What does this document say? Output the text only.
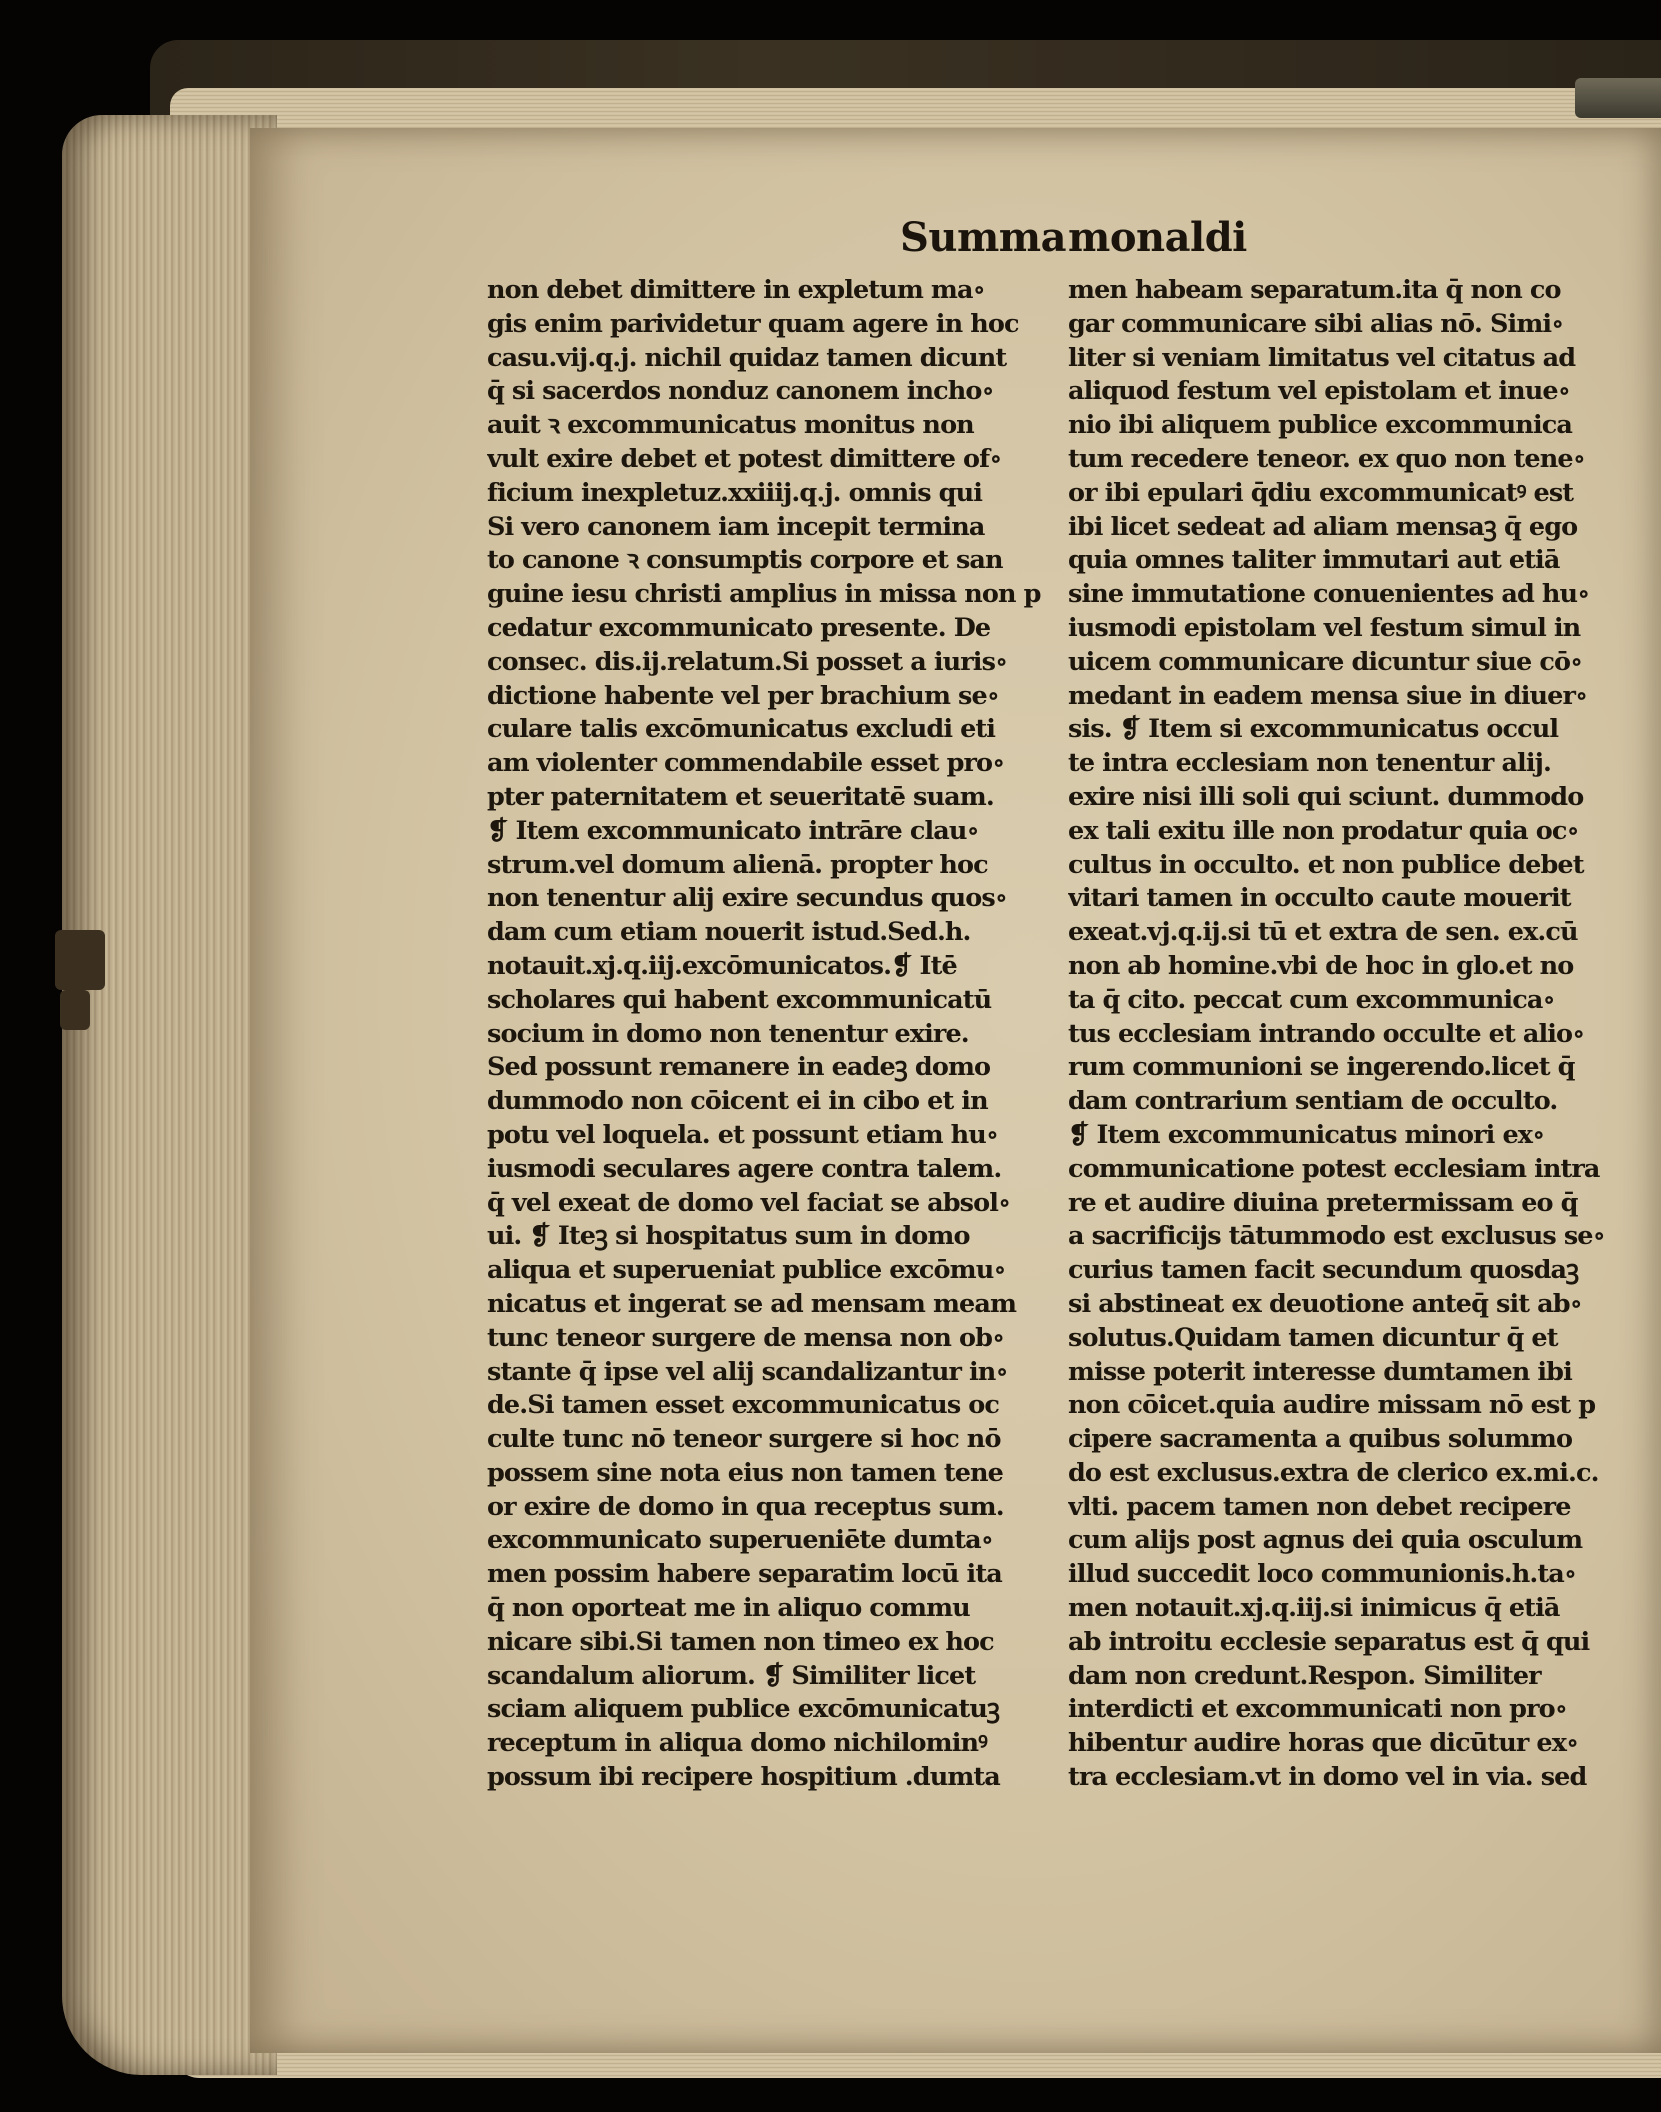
Summa monaldi
non debet dimittere in expletum ma∘
gis enim parividetur quam agere in hoc
casu.vij.q.j. nichil quidaz tamen dicunt
q̄ si sacerdos nonduz canonem incho∘
auit ꝛ excommunicatus monitus non
vult exire debet et potest dimittere of∘
ficium inexpletuz.xxiiij.q.j. omnis qui
Si vero canonem iam incepit termina
to canone ꝛ consumptis corpore et san
guine iesu christi amplius in missa non p
cedatur excommunicato presente. De
consec. dis.ij.relatum.Si posset a iuris∘
dictione habente vel per brachium se∘
culare talis excōmunicatus excludi eti
am violenter commendabile esset pro∘
pter paternitatem et seueritatē suam.
❡ Item excommunicato intrāre clau∘
strum.vel domum alienā. propter hoc
non tenentur alij exire secundus quos∘
dam cum etiam nouerit istud.Sed.h.
notauit.xj.q.iij.excōmunicatos.❡ Itē
scholares qui habent excommunicatū
socium in domo non tenentur exire.
Sed possunt remanere in eadeꝫ domo
dummodo non cōicent ei in cibo et in
potu vel loquela. et possunt etiam hu∘
iusmodi seculares agere contra talem.
q̄ vel exeat de domo vel faciat se absol∘
ui. ❡ Iteꝫ si hospitatus sum in domo
aliqua et superueniat publice excōmu∘
nicatus et ingerat se ad mensam meam
tunc teneor surgere de mensa non ob∘
stante q̄ ipse vel alij scandalizantur in∘
de.Si tamen esset excommunicatus oc
culte tunc nō teneor surgere si hoc nō
possem sine nota eius non tamen tene
or exire de domo in qua receptus sum.
excommunicato superueniēte dumta∘
men possim habere separatim locū ita
q̄ non oporteat me in aliquo commu
nicare sibi.Si tamen non timeo ex hoc
scandalum aliorum. ❡ Similiter licet
sciam aliquem publice excōmunicatuꝫ
receptum in aliqua domo nichilominꝰ
possum ibi recipere hospitium .dumta
men habeam separatum.ita q̄ non co
gar communicare sibi alias nō. Simi∘
liter si veniam limitatus vel citatus ad
aliquod festum vel epistolam et inue∘
nio ibi aliquem publice excommunica
tum recedere teneor. ex quo non tene∘
or ibi epulari q̄diu excommunicatꝰ est
ibi licet sedeat ad aliam mensaꝫ q̄ ego
quia omnes taliter immutari aut etiā
sine immutatione conuenientes ad hu∘
iusmodi epistolam vel festum simul in
uicem communicare dicuntur siue cō∘
medant in eadem mensa siue in diuer∘
sis. ❡ Item si excommunicatus occul
te intra ecclesiam non tenentur alij.
exire nisi illi soli qui sciunt. dummodo
ex tali exitu ille non prodatur quia oc∘
cultus in occulto. et non publice debet
vitari tamen in occulto caute mouerit
exeat.vj.q.ij.si tū et extra de sen. ex.cū
non ab homine.vbi de hoc in glo.et no
ta q̄ cito. peccat cum excommunica∘
tus ecclesiam intrando occulte et alio∘
rum communioni se ingerendo.licet q̄
dam contrarium sentiam de occulto.
❡ Item excommunicatus minori ex∘
communicatione potest ecclesiam intra
re et audire diuina pretermissam eo q̄
a sacrificijs tātummodo est exclusus se∘
curius tamen facit secundum quosdaꝫ
si abstineat ex deuotione anteq̄ sit ab∘
solutus.Quidam tamen dicuntur q̄ et
misse poterit interesse dumtamen ibi
non cōicet.quia audire missam nō est p
cipere sacramenta a quibus solummo
do est exclusus.extra de clerico ex.mi.c.
vlti. pacem tamen non debet recipere
cum alijs post agnus dei quia osculum
illud succedit loco communionis.h.ta∘
men notauit.xj.q.iij.si inimicus q̄ etiā
ab introitu ecclesie separatus est q̄ qui
dam non credunt.Respon. Similiter
interdicti et excommunicati non pro∘
hibentur audire horas que dicūtur ex∘
tra ecclesiam.vt in domo vel in via. sed
